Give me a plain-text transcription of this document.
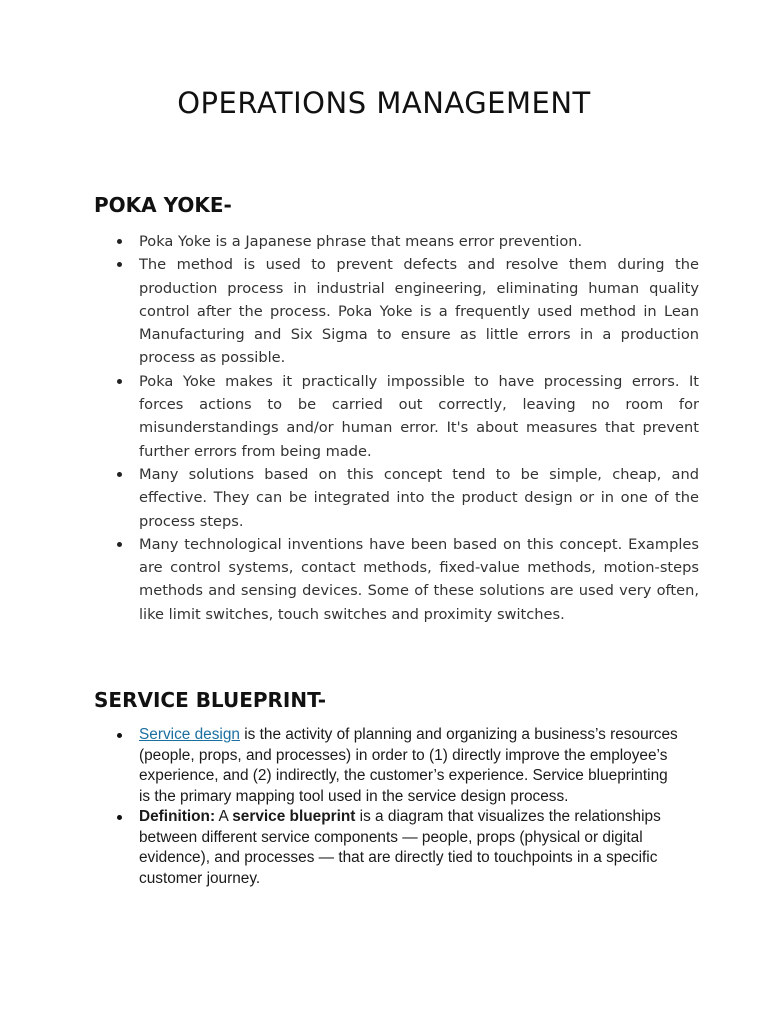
OPERATIONS MANAGEMENT
POKA YOKE-
Poka Yoke is a Japanese phrase that means error prevention.
The method is used to prevent defects and resolve them during the production process in industrial engineering, eliminating human quality control after the process. Poka Yoke is a frequently used method in Lean Manufacturing and Six Sigma to ensure as little errors in a production process as possible.
Poka Yoke makes it practically impossible to have processing errors. It forces actions to be carried out correctly, leaving no room for misunderstandings and/or human error. It's about measures that prevent further errors from being made.
Many solutions based on this concept tend to be simple, cheap, and effective. They can be integrated into the product design or in one of the process steps.
Many technological inventions have been based on this concept. Examples are control systems, contact methods, fixed-value methods, motion-steps methods and sensing devices. Some of these solutions are used very often, like limit switches, touch switches and proximity switches.
SERVICE BLUEPRINT-
Service design is the activity of planning and organizing a business’s resources (people, props, and processes) in order to (1) directly improve the employee’s experience, and (2) indirectly, the customer’s experience. Service blueprinting is the primary mapping tool used in the service design process.
Definition: A service blueprint is a diagram that visualizes the relationships between different service components — people, props (physical or digital evidence), and processes — that are directly tied to touchpoints in a specific customer journey.
